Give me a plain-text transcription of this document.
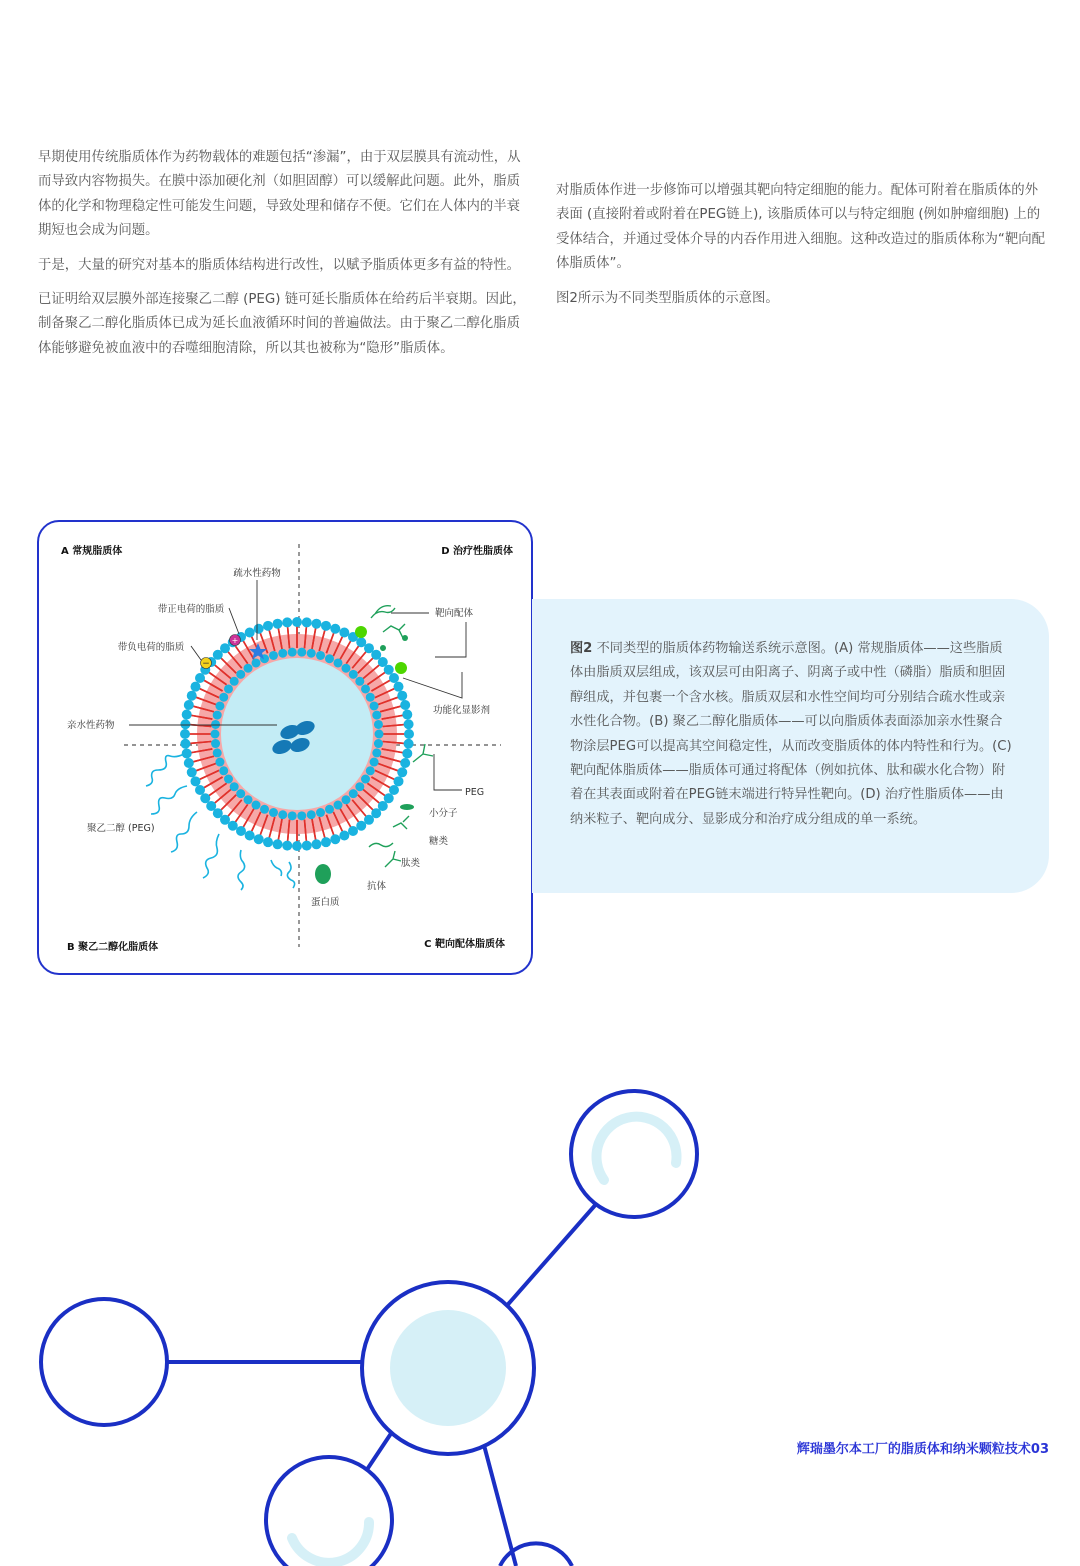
早期使用传统脂质体作为药物载体的难题包括“渗漏”，由于双层膜具有流动性，从而导致内容物损失。在膜中添加硬化剂（如胆固醇）可以缓解此问题。此外，脂质体的化学和物理稳定性可能发生问题，导致处理和储存不便。它们在人体内的半衰期短也会成为问题。

于是，大量的研究对基本的脂质体结构进行改性，以赋予脂质体更多有益的特性。

已证明给双层膜外部连接聚乙二醇 (PEG) 链可延长脂质体在给药后半衰期。因此，制备聚乙二醇化脂质体已成为延长血液循环时间的普遍做法。由于聚乙二醇化脂质体能够避免被血液中的吞噬细胞清除，所以其也被称为“隐形”脂质体。

对脂质体作进一步修饰可以增强其靶向特定细胞的能力。配体可附着在脂质体的外表面 (直接附着或附着在PEG链上), 该脂质体可以与特定细胞 (例如肿瘤细胞) 上的受体结合，并通过受体介导的内吞作用进入细胞。这种改造过的脂质体称为“靶向配体脂质体”。

图2所示为不同类型脂质体的示意图。

+
−
A 常规脂质体	D 治疗性脂质体
B 聚乙二醇化脂质体	C 靶向配体脂质体
疏水性药物
带正电荷的脂质
带负电荷的脂质
亲水性药物
聚乙二醇 (PEG)
靶向配体
功能化显影剂
PEG
小分子
糖类
肽类
抗体
蛋白质

图2 不同类型的脂质体药物输送系统示意图。(A) 常规脂质体——这些脂质体由脂质双层组成，该双层可由阳离子、阴离子或中性（磷脂）脂质和胆固醇组成，并包裹一个含水核。脂质双层和水性空间均可分别结合疏水性或亲水性化合物。(B) 聚乙二醇化脂质体——可以向脂质体表面添加亲水性聚合物涂层PEG可以提高其空间稳定性，从而改变脂质体的体内特性和行为。(C) 靶向配体脂质体——脂质体可通过将配体（例如抗体、肽和碳水化合物）附着在其表面或附着在PEG链末端进行特异性靶向。(D) 治疗性脂质体——由纳米粒子、靶向成分、显影成分和治疗成分组成的单一系统。

辉瑞墨尔本工厂的脂质体和纳米颗粒技术03
